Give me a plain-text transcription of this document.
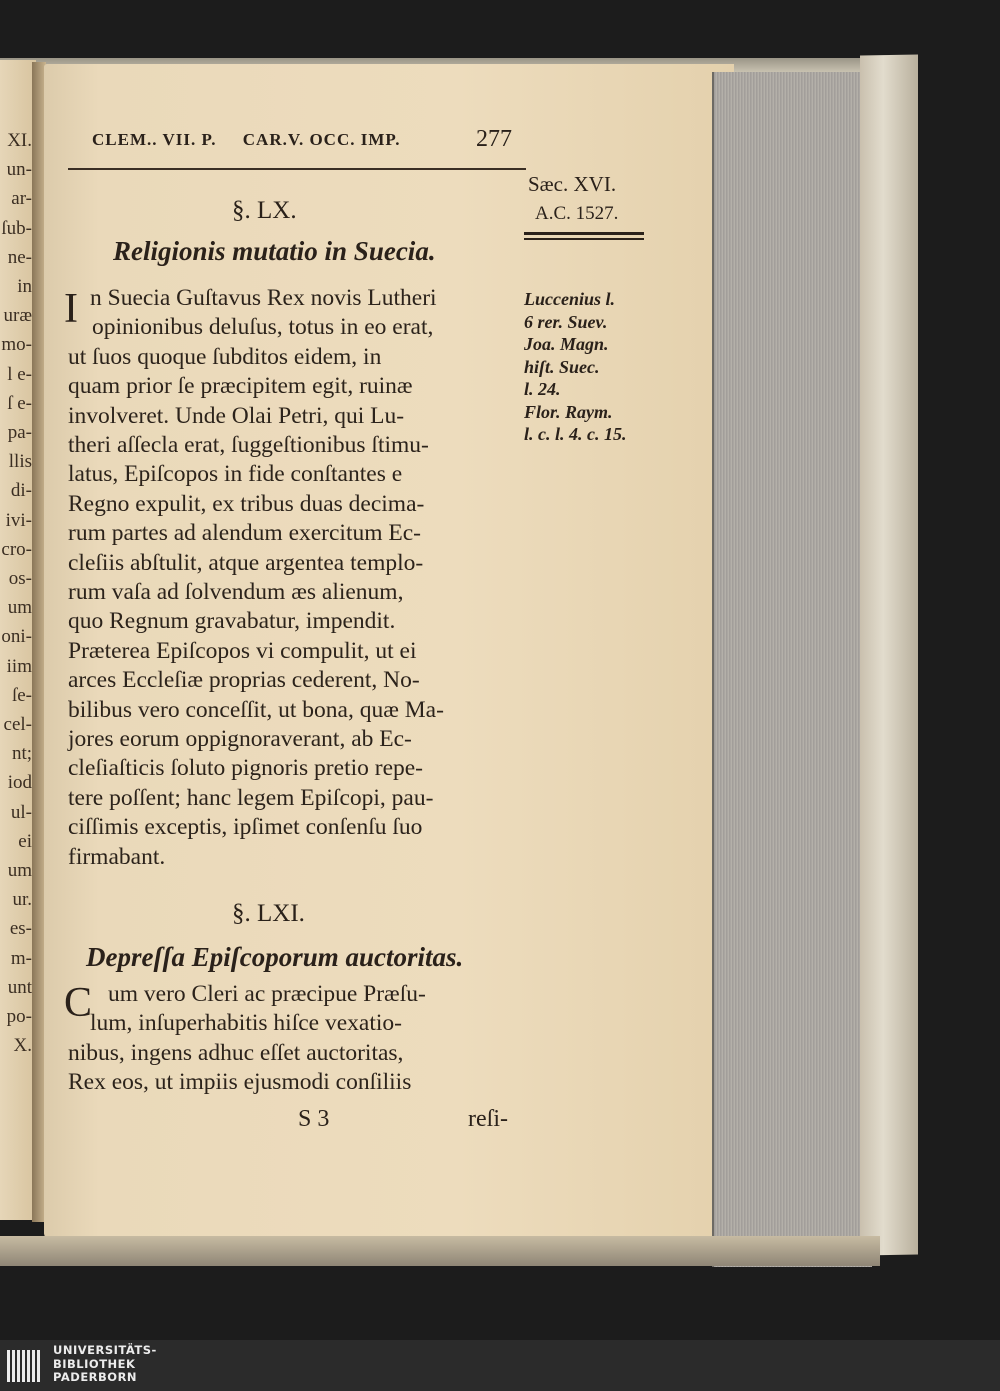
XI.
un-
ar-
ſub-
ne-
in
uræ
mo-
l e-
ſ e-
pa-
llis
di-
ivi-
cro-
os-
um
oni-
iim
ſe-
cel-
nt;
iod
ul-
ei
um
ur.
es-
m-
unt
po-
X.
CLEM.. VII. P.     CAR.V. OCC. IMP.	277
Sæc. XVI.
A.C. 1527.
§. LX.
Religionis mutatio in Suecia.
I n Suecia Guſtavus Rex novis Lutheri
opinionibus deluſus, totus in eo erat,
ut ſuos quoque ſubditos eidem, in
quam prior ſe præcipitem egit, ruinæ
involveret. Unde Olai Petri, qui Lu-
theri aſſecla erat, ſuggeſtionibus ſtimu-
latus, Epiſcopos in fide conſtantes e
Regno expulit, ex tribus duas decima-
rum partes ad alendum exercitum Ec-
cleſiis abſtulit, atque argentea templo-
rum vaſa ad ſolvendum æs alienum,
quo Regnum gravabatur, impendit.
Præterea Epiſcopos vi compulit, ut ei
arces Eccleſiæ proprias cederent, No-
bilibus vero conceſſit, ut bona, quæ Ma-
jores eorum oppignoraverant, ab Ec-
cleſiaſticis ſoluto pignoris pretio repe-
tere poſſent; hanc legem Epiſcopi, pau-
ciſſimis exceptis, ipſimet conſenſu ſuo
firmabant.
Luccenius l.
6 rer. Suev.
Joa. Magn.
hiſt. Suec.
l. 24.
Flor. Raym.
l. c. l. 4. c. 15.
§. LXI.
Depreſſa Epiſcoporum auctoritas.
C um vero Cleri ac præcipue Præſu-
lum, inſuperhabitis hiſce vexatio-
nibus, ingens adhuc eſſet auctoritas,
Rex eos, ut impiis ejusmodi conſiliis
S 3	reſi-
UNIVERSITÄTS-
BIBLIOTHEK
PADERBORN
